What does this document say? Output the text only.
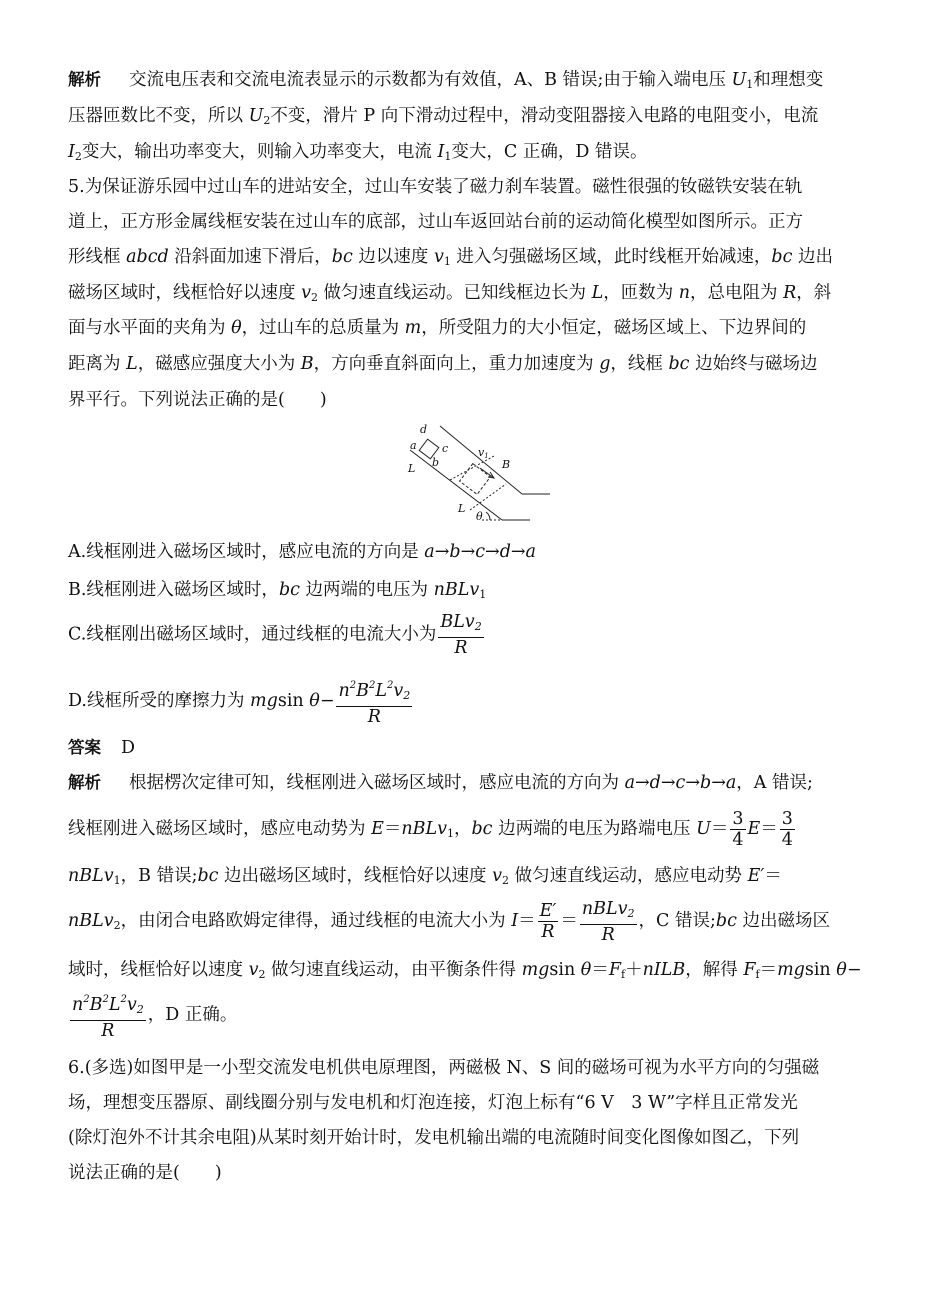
解析 交流电压表和交流电流表显示的示数都为有效值，A、B 错误;由于输入端电压 $U_1$和理想变
压器匝数比不变，所以 $U_2$不变，滑片 P 向下滑动过程中，滑动变阻器接入电路的电阻变小，电流
$I_2$变大，输出功率变大，则输入功率变大，电流 $I_1$变大，C 正确，D 错误。
5.为保证游乐园中过山车的进站安全，过山车安装了磁力刹车装置。磁性很强的钕磁铁安装在轨
道上，正方形金属线框安装在过山车的底部，过山车返回站台前的运动简化模型如图所示。正方
形线框 abcd 沿斜面加速下滑后，bc 边以速度 $v_1$ 进入匀强磁场区域，此时线框开始减速，bc 边出
磁场区域时，线框恰好以速度 $v_2$ 做匀速直线运动。已知线框边长为 L，匝数为 n，总电阻为 R，斜
面与水平面的夹角为 θ，过山车的总质量为 m，所受阻力的大小恒定，磁场区域上、下边界间的
距离为 L，磁感应强度大小为 B，方向垂直斜面向上，重力加速度为 g，线框 bc 边始终与磁场边
界平行。下列说法正确的是(　　)
d
a c
b
L
v1
B
L
θ
A.线框刚进入磁场区域时，感应电流的方向是 a→b→c→d→a
B.线框刚进入磁场区域时，bc 边两端的电压为 nBLv$_1$
C.线框刚出磁场区域时，通过线框的电流大小为 $\frac{BLv_2}{R}$
D.线框所受的摩擦力为 mgsin $\theta- \frac{n^2B^2L^2v_2}{R}$
答案 D
解析 根据楞次定律可知，线框刚进入磁场区域时，感应电流的方向为 a→d→c→b→a，A 错误;
线框刚进入磁场区域时，感应电动势为 E＝nBLv$_1$，bc 边两端的电压为路端电压 $U= \frac{3}{4} E= \frac{3}{4}$
nBLv$_1$，B 错误;bc 边出磁场区域时，线框恰好以速度 $v_2$ 做匀速直线运动，感应电动势 E′＝
nBLv$_2$，由闭合电路欧姆定律得，通过线框的电流大小为 $I= \frac{E'}{R} = \frac{nBLv_2}{R}$ ，C 错误;bc 边出磁场区
域时，线框恰好以速度 $v_2$ 做匀速直线运动，由平衡条件得 mgsin $\theta=F_f+nILB$，解得 $F_f=mgsin$ θ−
$\frac{n^2B^2L^2v_2}{R}$ ，D 正确。
6.(多选)如图甲是一小型交流发电机供电原理图，两磁极 N、S 间的磁场可视为水平方向的匀强磁
场，理想变压器原、副线圈分别与发电机和灯泡连接，灯泡上标有“6 V　3 W”字样且正常发光
(除灯泡外不计其余电阻)从某时刻开始计时，发电机输出端的电流随时间变化图像如图乙，下列
说法正确的是(　　)
